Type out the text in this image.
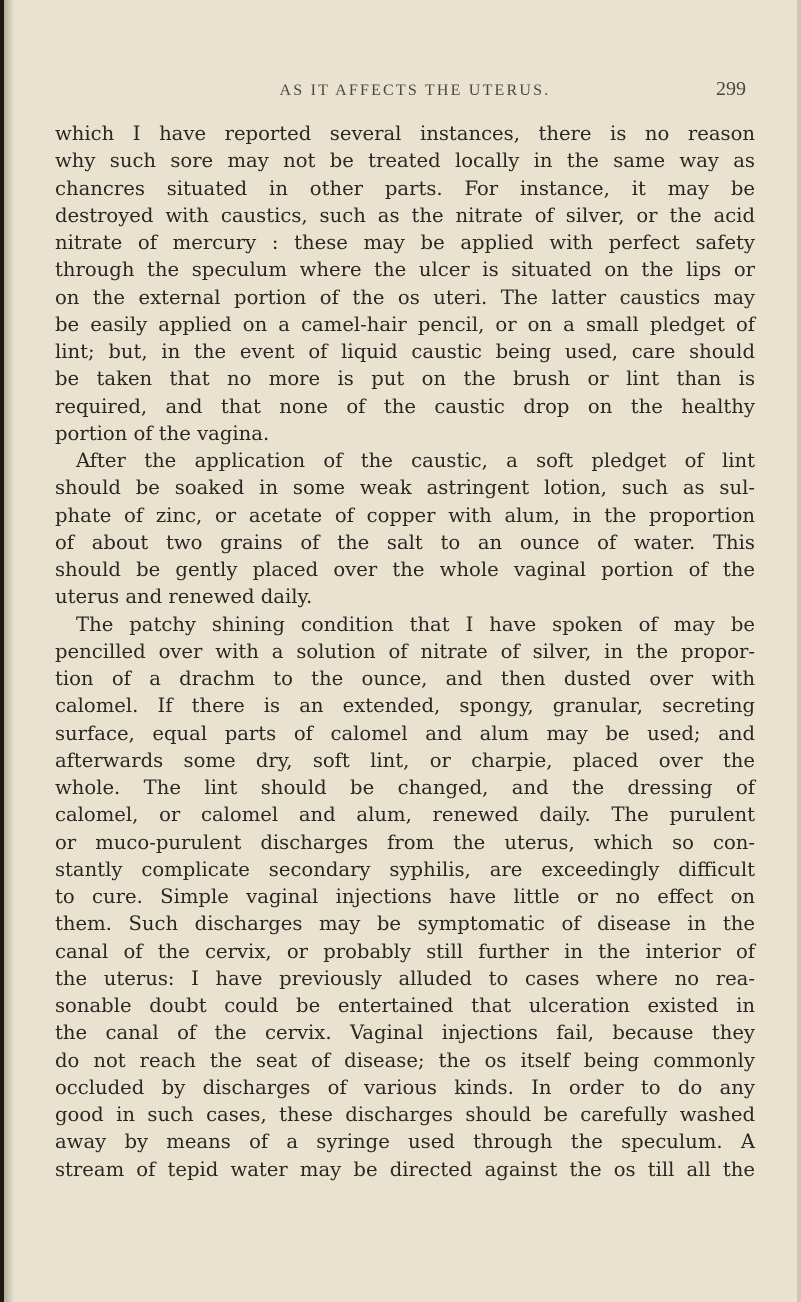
AS IT AFFECTS THE UTERUS.	299
which I have reported several instances, there is no reason
why such sore may not be treated locally in the same way as
chancres situated in other parts. For instance, it may be
destroyed with caustics, such as the nitrate of silver, or the acid
nitrate of mercury : these may be applied with perfect safety
through the speculum where the ulcer is situated on the lips or
on the external portion of the os uteri. The latter caustics may
be easily applied on a camel-hair pencil, or on a small pledget of
lint; but, in the event of liquid caustic being used, care should
be taken that no more is put on the brush or lint than is
required, and that none of the caustic drop on the healthy
portion of the vagina.
After the application of the caustic, a soft pledget of lint
should be soaked in some weak astringent lotion, such as sul-
phate of zinc, or acetate of copper with alum, in the proportion
of about two grains of the salt to an ounce of water. This
should be gently placed over the whole vaginal portion of the
uterus and renewed daily.
The patchy shining condition that I have spoken of may be
pencilled over with a solution of nitrate of silver, in the propor-
tion of a drachm to the ounce, and then dusted over with
calomel. If there is an extended, spongy, granular, secreting
surface, equal parts of calomel and alum may be used; and
afterwards some dry, soft lint, or charpie, placed over the
whole. The lint should be changed, and the dressing of
calomel, or calomel and alum, renewed daily. The purulent
or muco-purulent discharges from the uterus, which so con-
stantly complicate secondary syphilis, are exceedingly difficult
to cure. Simple vaginal injections have little or no effect on
them. Such discharges may be symptomatic of disease in the
canal of the cervix, or probably still further in the interior of
the uterus: I have previously alluded to cases where no rea-
sonable doubt could be entertained that ulceration existed in
the canal of the cervix. Vaginal injections fail, because they
do not reach the seat of disease; the os itself being commonly
occluded by discharges of various kinds. In order to do any
good in such cases, these discharges should be carefully washed
away by means of a syringe used through the speculum. A
stream of tepid water may be directed against the os till all the
